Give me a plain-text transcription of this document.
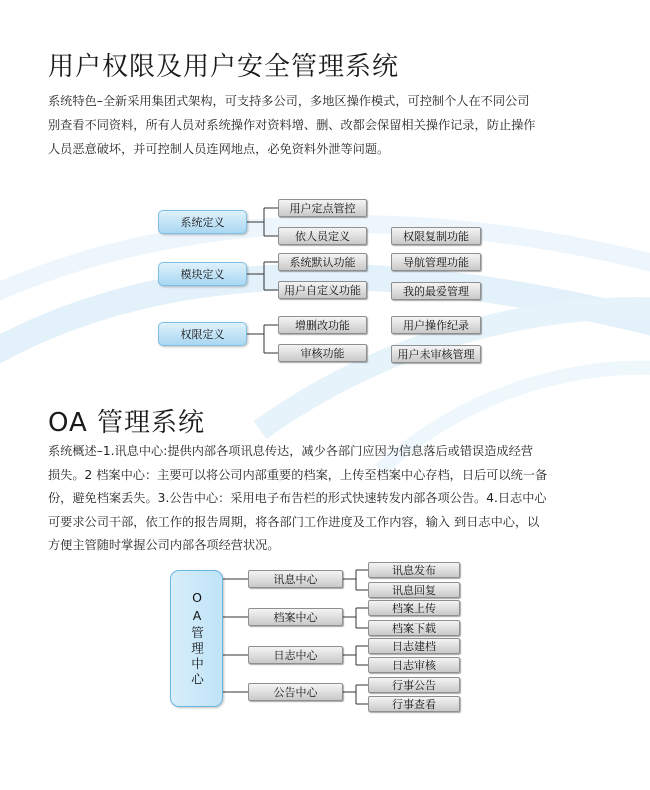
用户权限及用户安全管理系统
系统特色–全新采用集团式架构，可支持多公司，多地区操作模式，可控制个人在不同公司
别查看不同资料，所有人员对系统操作对资料增、删、改都会保留相关操作记录，防止操作
人员恶意破坏，并可控制人员连网地点，必免资料外泄等问题。
系统定义
模块定义
权限定义
用户定点管控
依人员定义
系统默认功能
用户自定义功能
增删改功能
审核功能
权限复制功能
导航管理功能
我的最爱管理
用户操作纪录
用户未审核管理
OA 管理系统
系统概述–1.讯息中心:提供内部各项讯息传达，减少各部门应因为信息落后或错误造成经营
损失。2 档案中心：主要可以将公司内部重要的档案，上传至档案中心存档，日后可以统一备
份，避免档案丢失。3.公告中心：采用电子布告栏的形式快速转发内部各项公告。4.日志中心
可要求公司干部，依工作的报告周期，将各部门工作进度及工作内容，输入 到日志中心，以
方便主管随时掌握公司内部各项经营状况。
OA管理中心
讯息中心
档案中心
日志中心
公告中心
讯息发布
讯息回复
档案上传
档案下载
日志建档
日志审核
行事公告
行事查看
